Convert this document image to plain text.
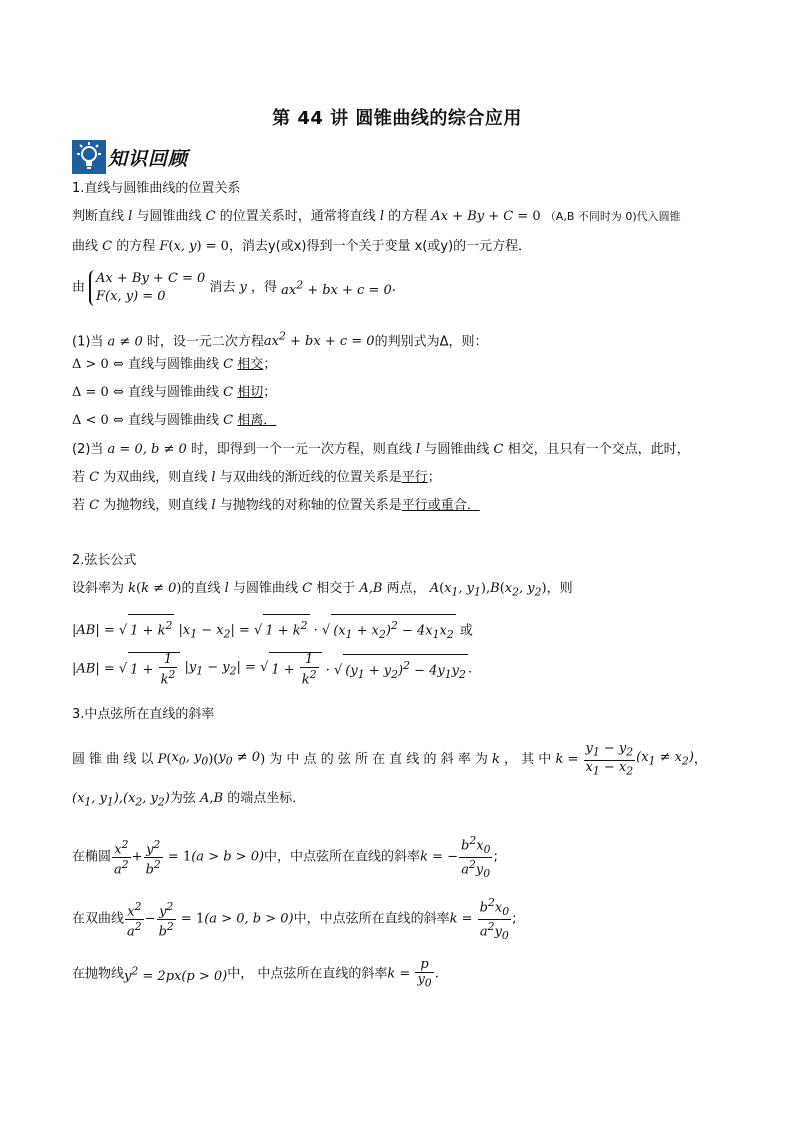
第 44 讲 圆锥曲线的综合应用
知识回顾
1.直线与圆锥曲线的位置关系
判断直线 l 与圆锥曲线 C 的位置关系时，通常将直线 l 的方程 Ax + By + C = 0 （A,B 不同时为 0)代入圆锥
曲线 C 的方程 F(x, y) = 0，消去y(或x)得到一个关于变量 x(或y)的一元方程．
由
Ax + By + C = 0
F(x, y) = 0
消去 y ，得 $ax^2$ + bx + c = 0.
(1)当 a ≠ 0 时，设一元二次方程$ax^2$ + bx + c = 0的判别式为Δ，则：
Δ > 0 ⇔ 直线与圆锥曲线 C 相交；
Δ = 0 ⇔ 直线与圆锥曲线 C 相切；
Δ < 0 ⇔ 直线与圆锥曲线 C 相离．
(2)当 a = 0, b ≠ 0 时，即得到一个一元一次方程，则直线 l 与圆锥曲线 C 相交，且只有一个交点，此时，
若 C 为双曲线，则直线 l 与双曲线的渐近线的位置关系是平行；
若 C 为抛物线，则直线 l 与抛物线的对称轴的位置关系是平行或重合．
2.弦长公式
设斜率为 k(k ≠ 0)的直线 l 与圆锥曲线 C 相交于 A,B 两点， $A(x_1$, $y_1),B(x_2$, $y_2$)，则
|AB| = √ $1 + k^2$ $|x_1 - x_2|$ = √ $1 + k^2$ · √ $(x_1 + x_2)^2 - 4x_1x_2$ 或
|AB| = √ $1 + \frac{1}{k^2} |y_1 - y_2|$ = √ $1 + \frac{1}{k^2}$ · √ $(y_1 + y_2)^2 - 4y_1y_2$ .
3.中点弦所在直线的斜率
圆 锥 曲 线 以 $P(x_0$, $y_0)(y_0 \ne 0)$ 为 中 点 的 弦 所 在 直 线 的 斜 率 为 k ， 其 中 $k = \frac{y_1 - y_2}{x_1 - x_2} (x_1 \ne x_2)$，
($x_1$, $y_1),(x_2$, $y_2$)为弦 A,B 的端点坐标．
在椭圆 $\frac{x^2}{a^2} + \frac{y^2}{b^2} = 1(a > b > 0)$中，中点弦所在直线的斜率k = − $\frac{b^2x_0}{a^2y_0}$ ;
在双曲线 $\frac{x^2}{a^2} - \frac{y^2}{b^2} = 1(a > 0$, b > 0)中，中点弦所在直线的斜率$k = \frac{b^2x_0}{a^2y_0}$ ;
在抛物线$y^2 = 2px(p > 0)$中， 中点弦所在直线的斜率$k = \frac{p}{y_0}$ .
